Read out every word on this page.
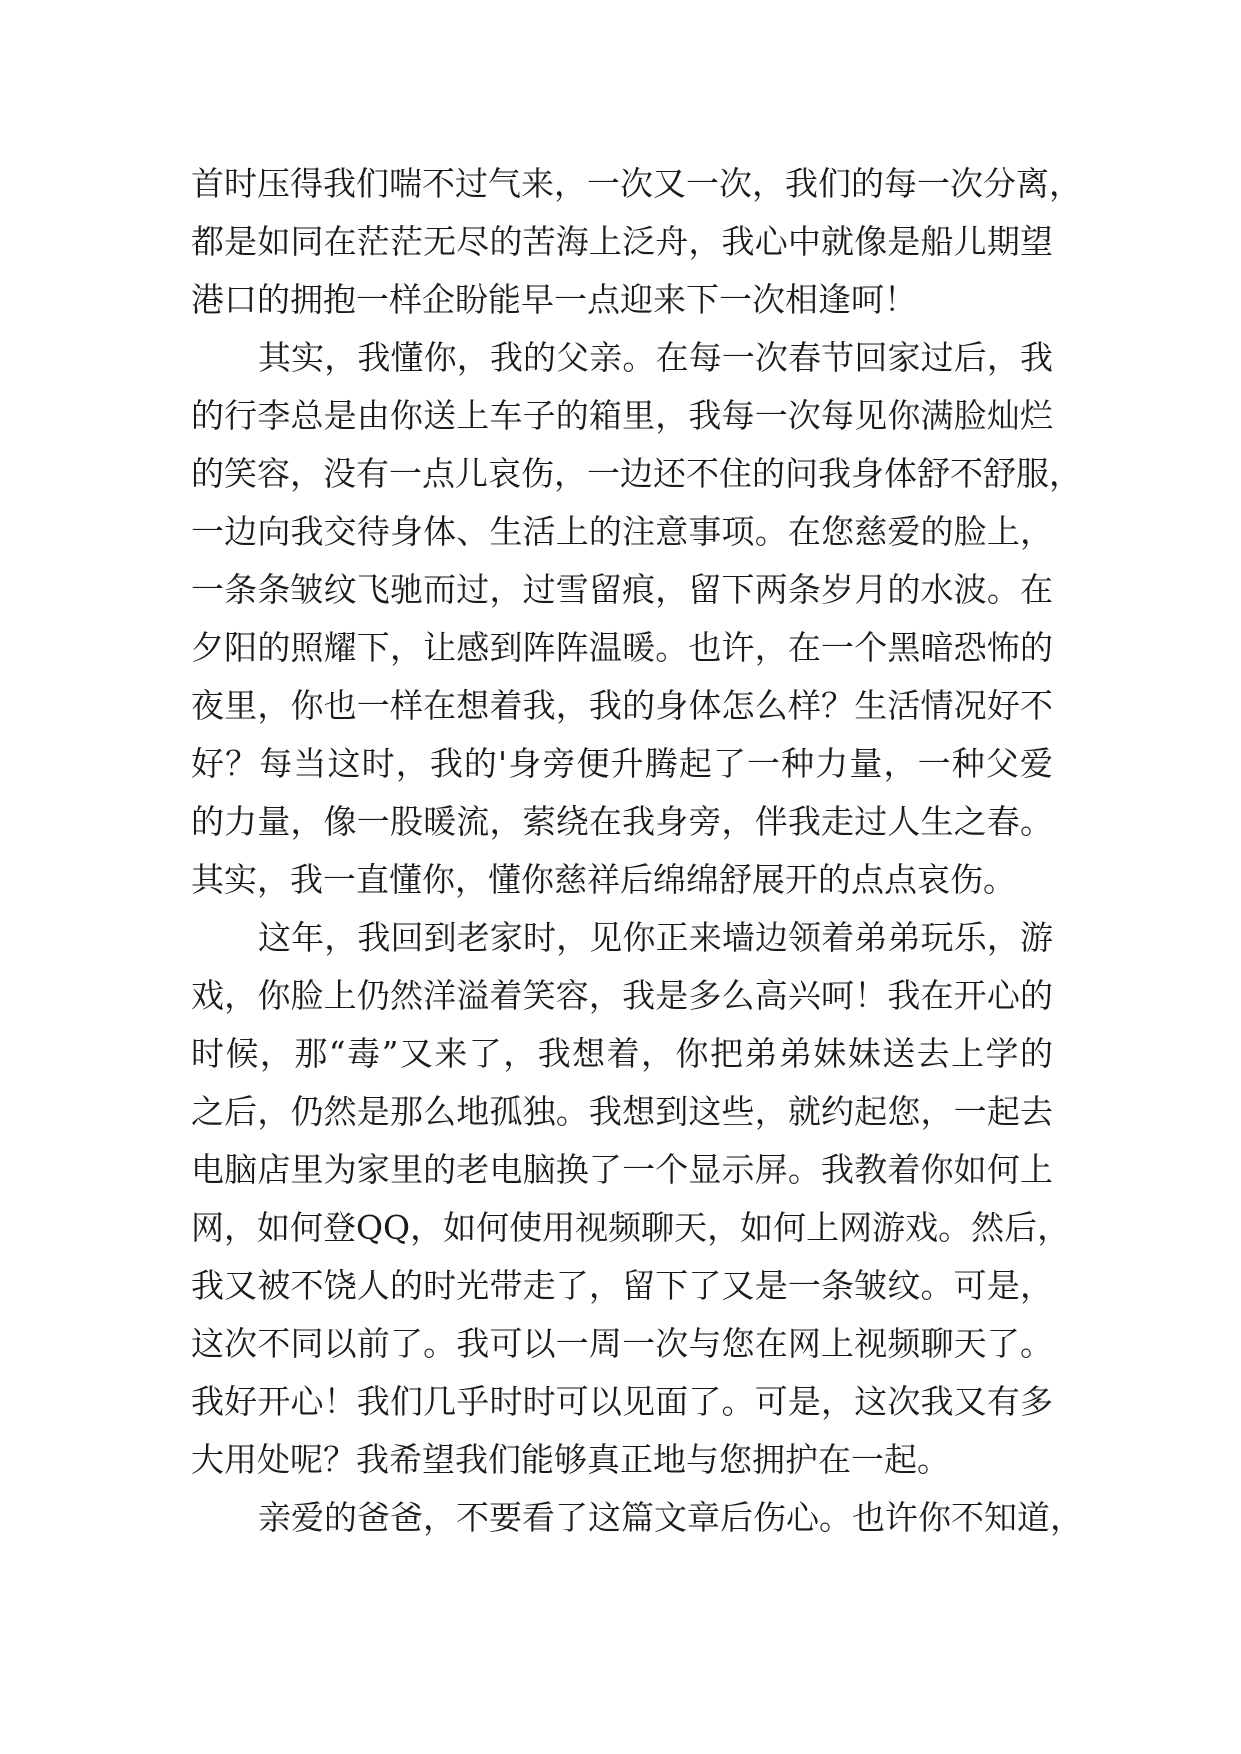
首时压得我们喘不过气来，一次又一次，我们的每一次分离，
都是如同在茫茫无尽的苦海上泛舟，我心中就像是船儿期望
港口的拥抱一样企盼能早一点迎来下一次相逢呵！
其实，我懂你，我的父亲。在每一次春节回家过后，我
的行李总是由你送上车子的箱里，我每一次每见你满脸灿烂
的笑容，没有一点儿哀伤，一边还不住的问我身体舒不舒服，
一边向我交待身体、生活上的注意事项。在您慈爱的脸上，
一条条皱纹飞驰而过，过雪留痕，留下两条岁月的水波。在
夕阳的照耀下，让感到阵阵温暖。也许，在一个黑暗恐怖的
夜里，你也一样在想着我，我的身体怎么样？生活情况好不
好？每当这时，我的'身旁便升腾起了一种力量，一种父爱
的力量，像一股暖流，萦绕在我身旁，伴我走过人生之春。
其实，我一直懂你，懂你慈祥后绵绵舒展开的点点哀伤。
这年，我回到老家时，见你正来墙边领着弟弟玩乐，游
戏，你脸上仍然洋溢着笑容，我是多么高兴呵！我在开心的
时候，那“毒”又来了，我想着，你把弟弟妹妹送去上学的
之后，仍然是那么地孤独。我想到这些，就约起您，一起去
电脑店里为家里的老电脑换了一个显示屏。我教着你如何上
网，如何登QQ，如何使用视频聊天，如何上网游戏。然后，
我又被不饶人的时光带走了，留下了又是一条皱纹。可是，
这次不同以前了。我可以一周一次与您在网上视频聊天了。
我好开心！我们几乎时时可以见面了。可是，这次我又有多
大用处呢？我希望我们能够真正地与您拥护在一起。
亲爱的爸爸，不要看了这篇文章后伤心。也许你不知道，
